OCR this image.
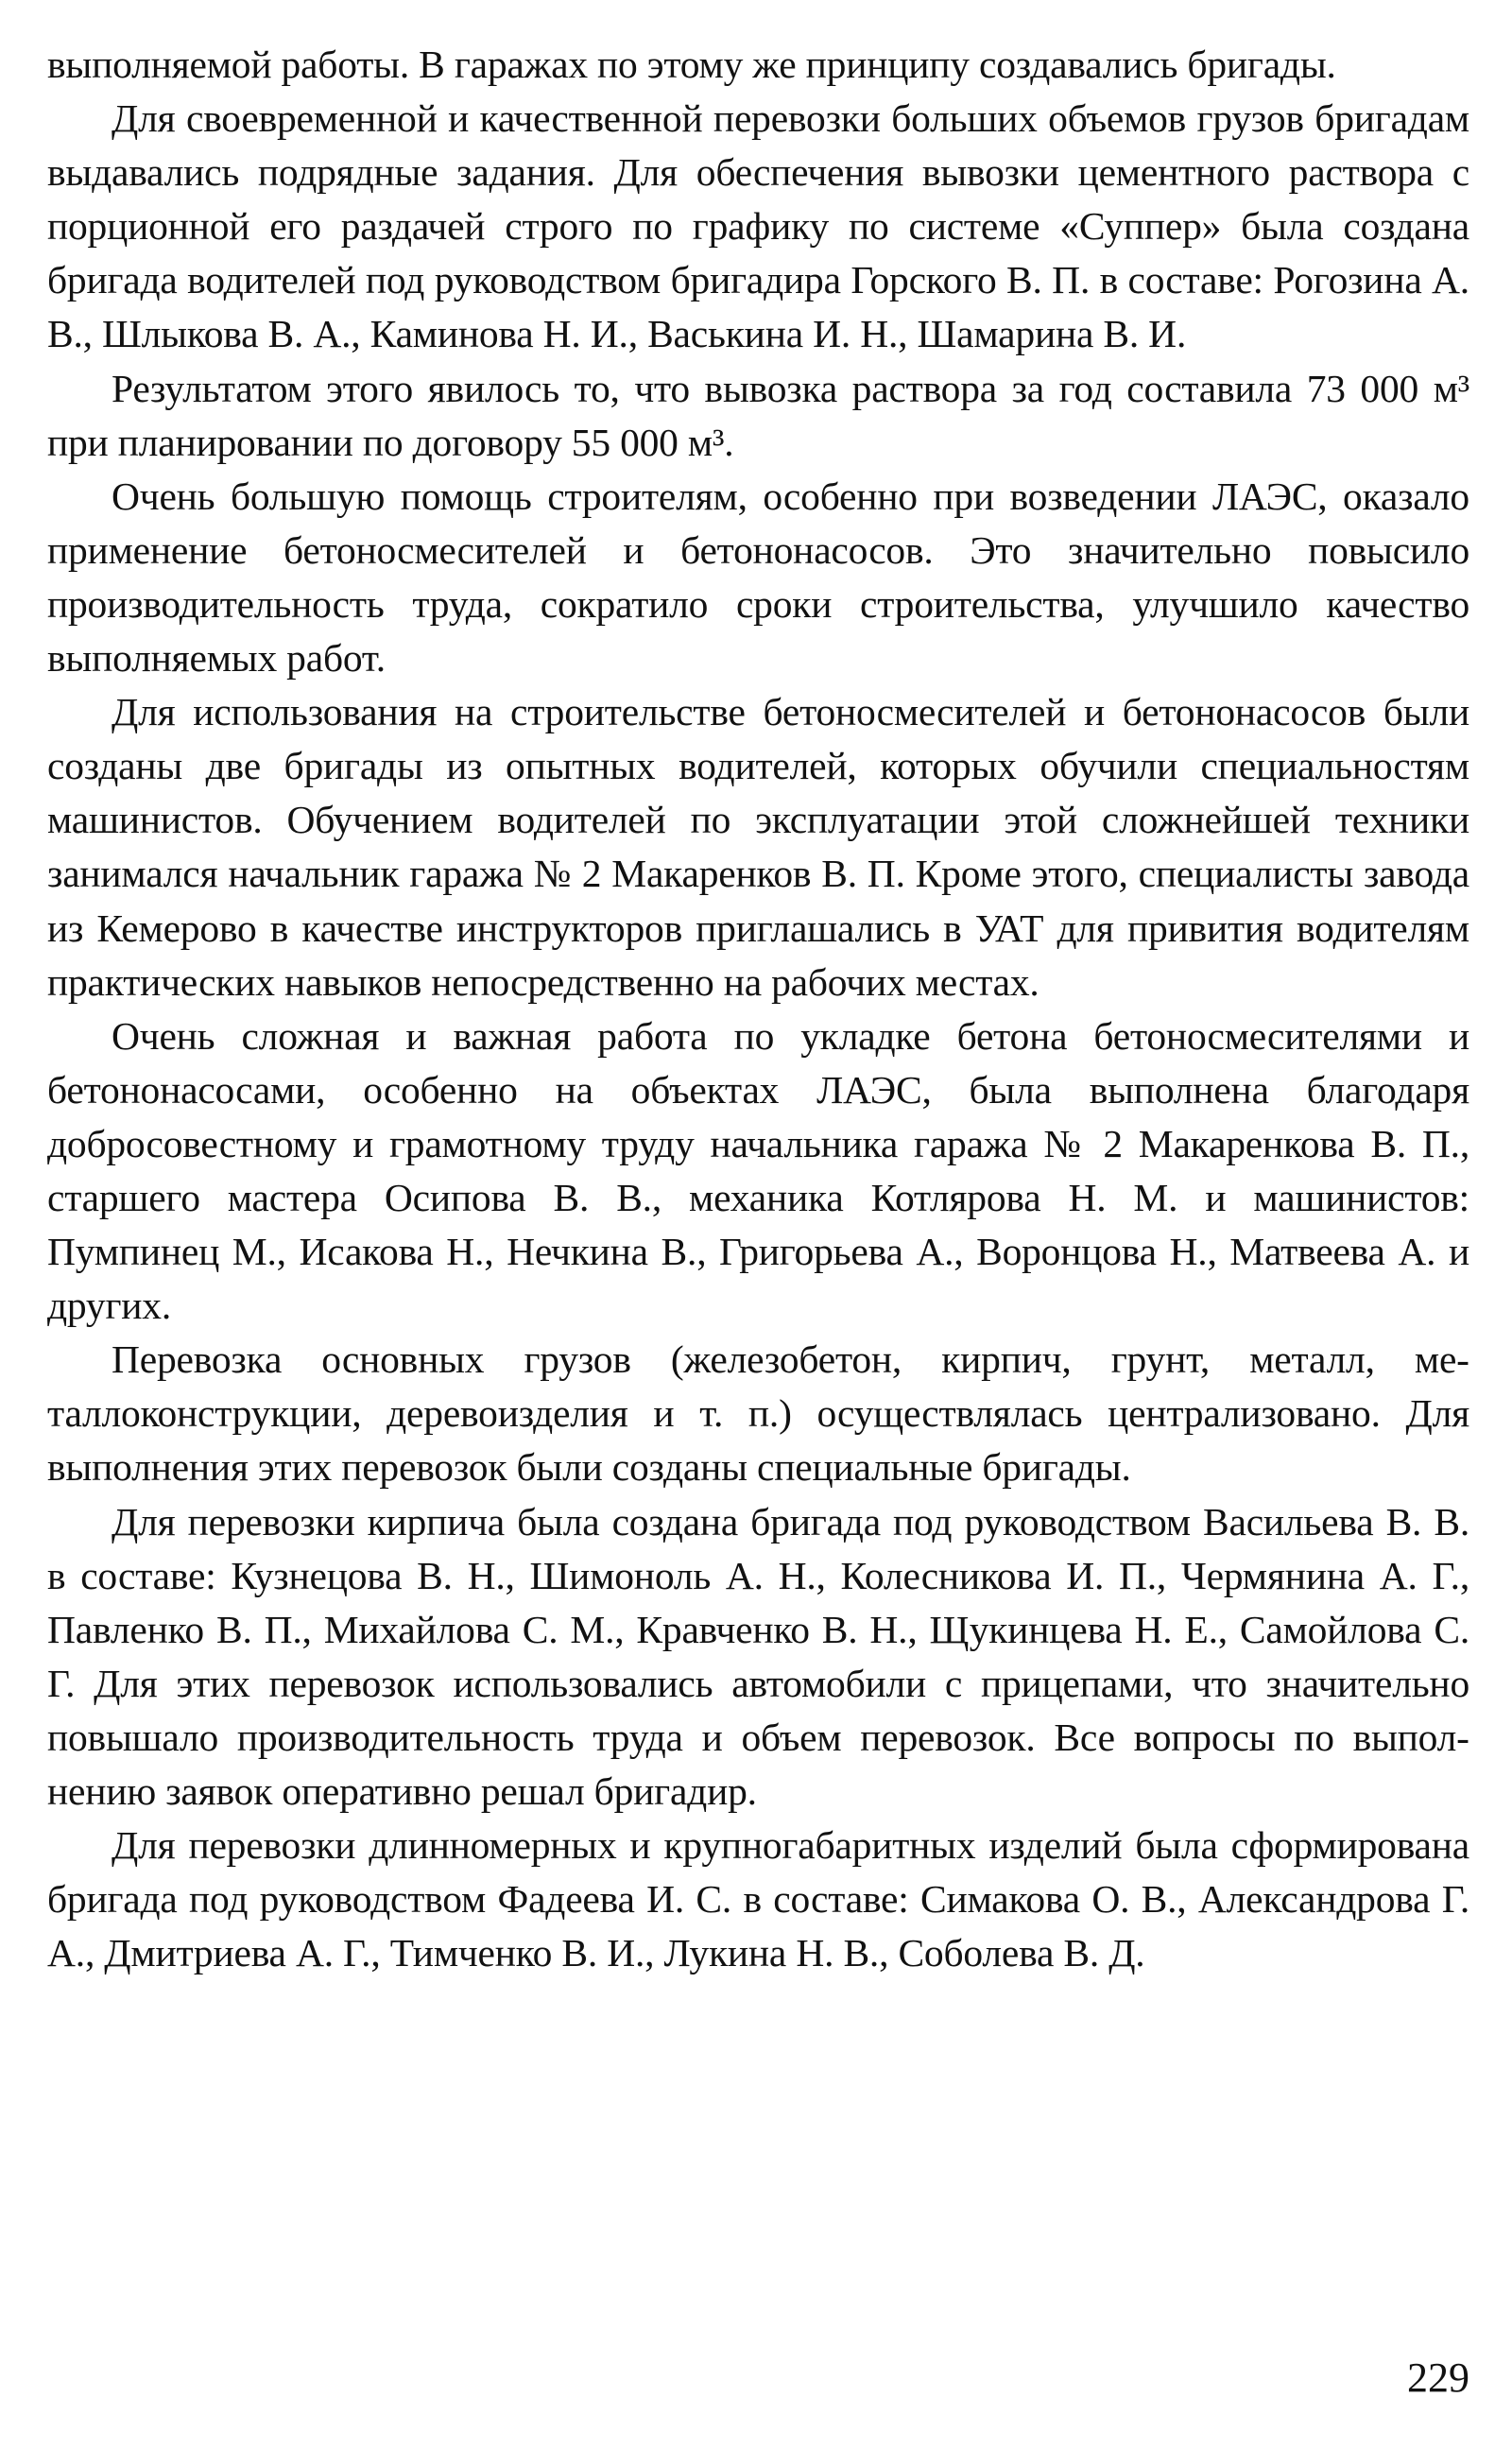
выполняемой работы. В гаражах по этому же принципу создавались бригады.

Для своевременной и качественной перевозки больших объемов грузов бригадам выдавались подрядные задания. Для обеспечения вывозки цементного раствора с порционной его раздачей строго по графику по системе «Суппер» была создана бригада водителей под руководством бригадира Горского В. П. в составе: Рогозина А. В., Шлыкова В. А., Каминова Н. И., Васькина И. Н., Шамарина В. И.

Результатом этого явилось то, что вывозка раствора за год составила 73 000 м³ при планировании по договору 55 000 м³.

Очень большую помощь строителям, особенно при возведении ЛАЭС, оказало применение бетоносмесителей и бетононасосов. Это значительно повысило производительность труда, сократило сроки строительства, улучшило качество выполняемых работ.

Для использования на строительстве бетоносмесителей и бетононасосов были созданы две бригады из опытных водителей, которых обучили специальностям машинистов. Обучением водителей по эксплуатации этой сложнейшей техники занимался начальник гаража № 2 Макаренков В. П. Кроме этого, специалисты завода из Кемерово в качестве инструкторов приглашались в УАТ для привития водителям практических навыков непосредственно на рабочих местах.

Очень сложная и важная работа по укладке бетона бетоносмесителями и бетононасосами, особенно на объектах ЛАЭС, была выполнена благодаря добросовестному и грамотному труду начальника гаража № 2 Макаренкова В. П., старшего мастера Осипова В. В., механика Котлярова Н. М. и машинистов: Пумпинец М., Исакова Н., Нечкина В., Григорьева А., Воронцова Н., Матвеева А. и других.

Перевозка основных грузов (железобетон, кирпич, грунт, металл, металлоконструкции, деревоизделия и т. п.) осуществлялась централизовано. Для выполнения этих перевозок были созданы специальные бригады.

Для перевозки кирпича была создана бригада под руководством Васильева В. В. в составе: Кузнецова В. Н., Шимоноль А. Н., Колесникова И. П., Чермянина А. Г., Павленко В. П., Михайлова С. М., Кравченко В. Н., Щукинцева Н. Е., Самойлова С. Г. Для этих перевозок использовались автомобили с прицепами, что значительно повышало производительность труда и объем перевозок. Все вопросы по выполнению заявок оперативно решал бригадир.

Для перевозки длинномерных и крупногабаритных изделий была сформирована бригада под руководством Фадеева И. С. в составе: Симакова О. В., Александрова Г. А., Дмитриева А. Г., Тимченко В. И., Лукина Н. В., Соболева В. Д.

229
